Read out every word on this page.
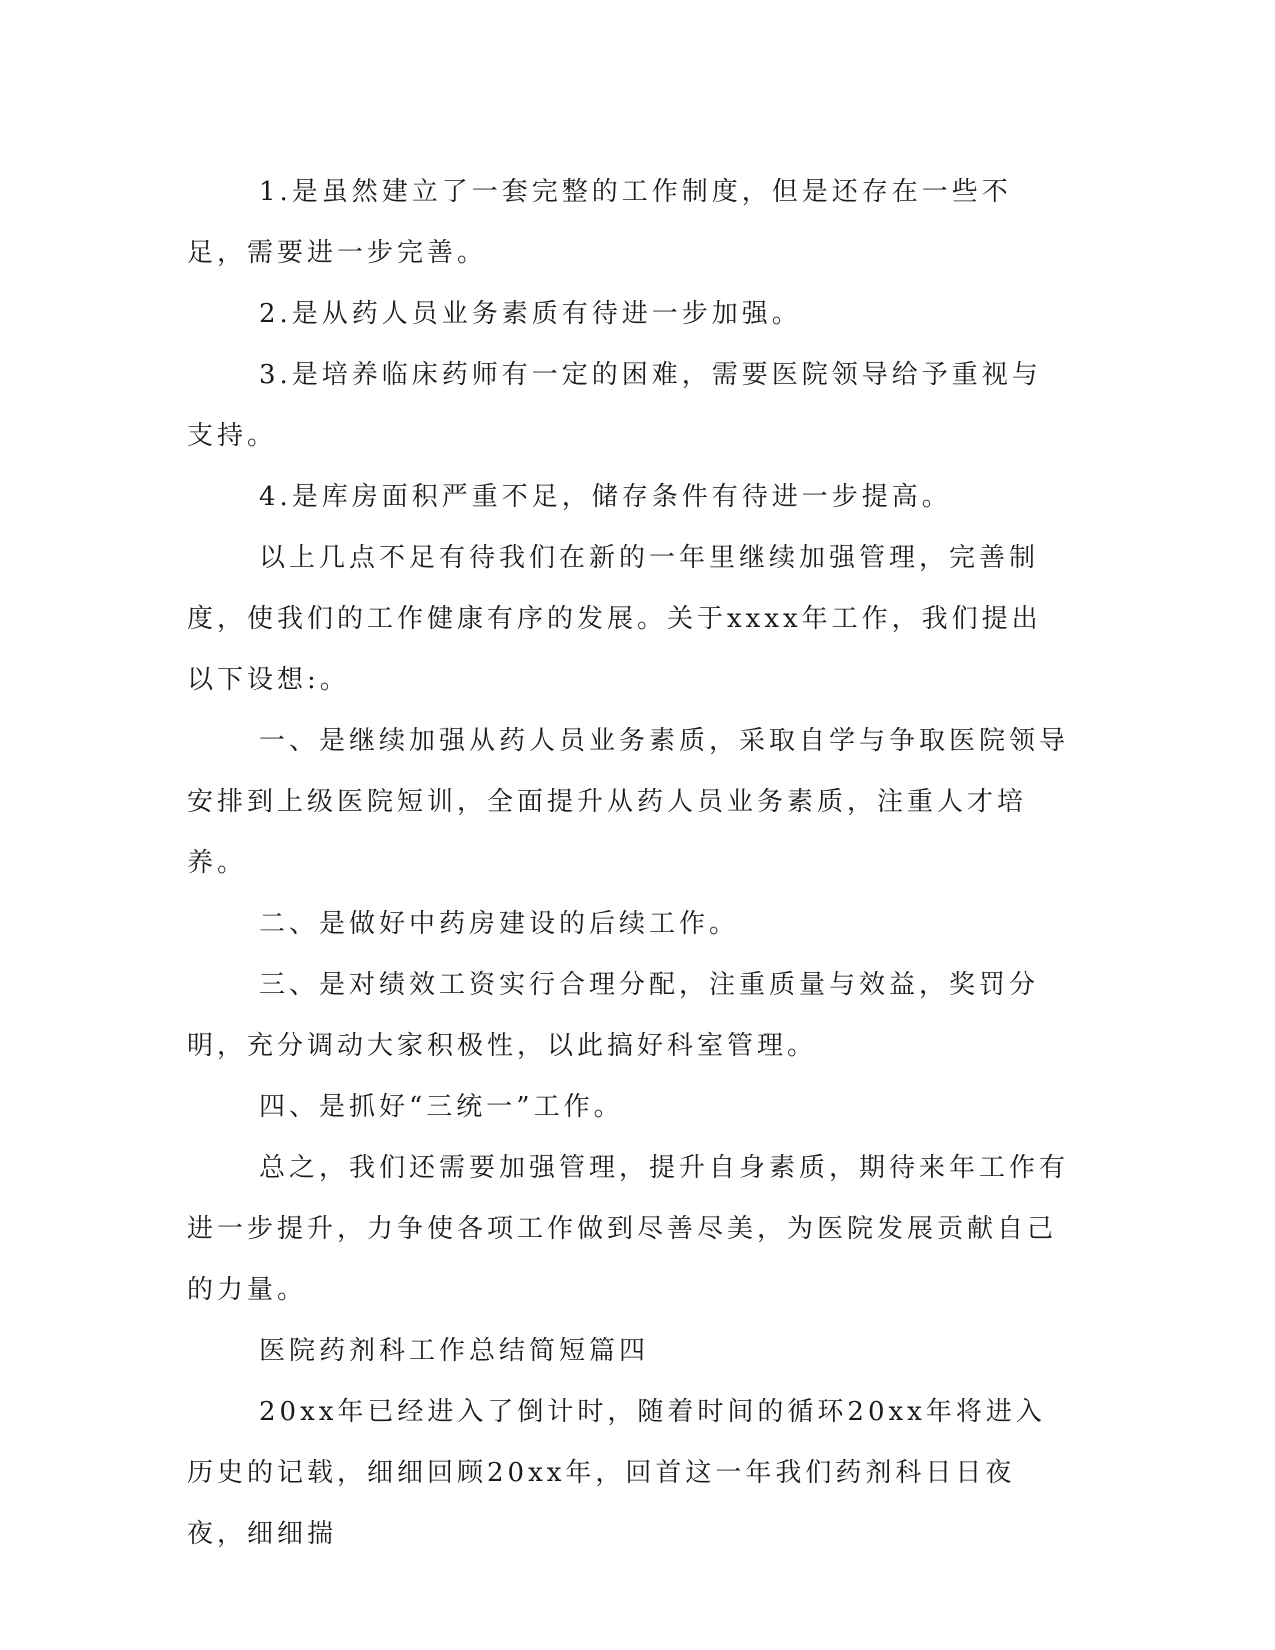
1.是虽然建立了一套完整的工作制度，但是还存在一些不足，需要进一步完善。

2.是从药人员业务素质有待进一步加强。

3.是培养临床药师有一定的困难，需要医院领导给予重视与支持。

4.是库房面积严重不足，储存条件有待进一步提高。

以上几点不足有待我们在新的一年里继续加强管理，完善制度，使我们的工作健康有序的发展。关于xxxx年工作，我们提出以下设想:。

一、是继续加强从药人员业务素质，采取自学与争取医院领导安排到上级医院短训，全面提升从药人员业务素质，注重人才培养。

二、是做好中药房建设的后续工作。

三、是对绩效工资实行合理分配，注重质量与效益，奖罚分明，充分调动大家积极性，以此搞好科室管理。

四、是抓好“三统一”工作。

总之，我们还需要加强管理，提升自身素质，期待来年工作有进一步提升，力争使各项工作做到尽善尽美，为医院发展贡献自己的力量。

医院药剂科工作总结简短篇四

20xx年已经进入了倒计时，随着时间的循环20xx年将进入历史的记载，细细回顾20xx年，回首这一年我们药剂科日日夜夜，细细揣
